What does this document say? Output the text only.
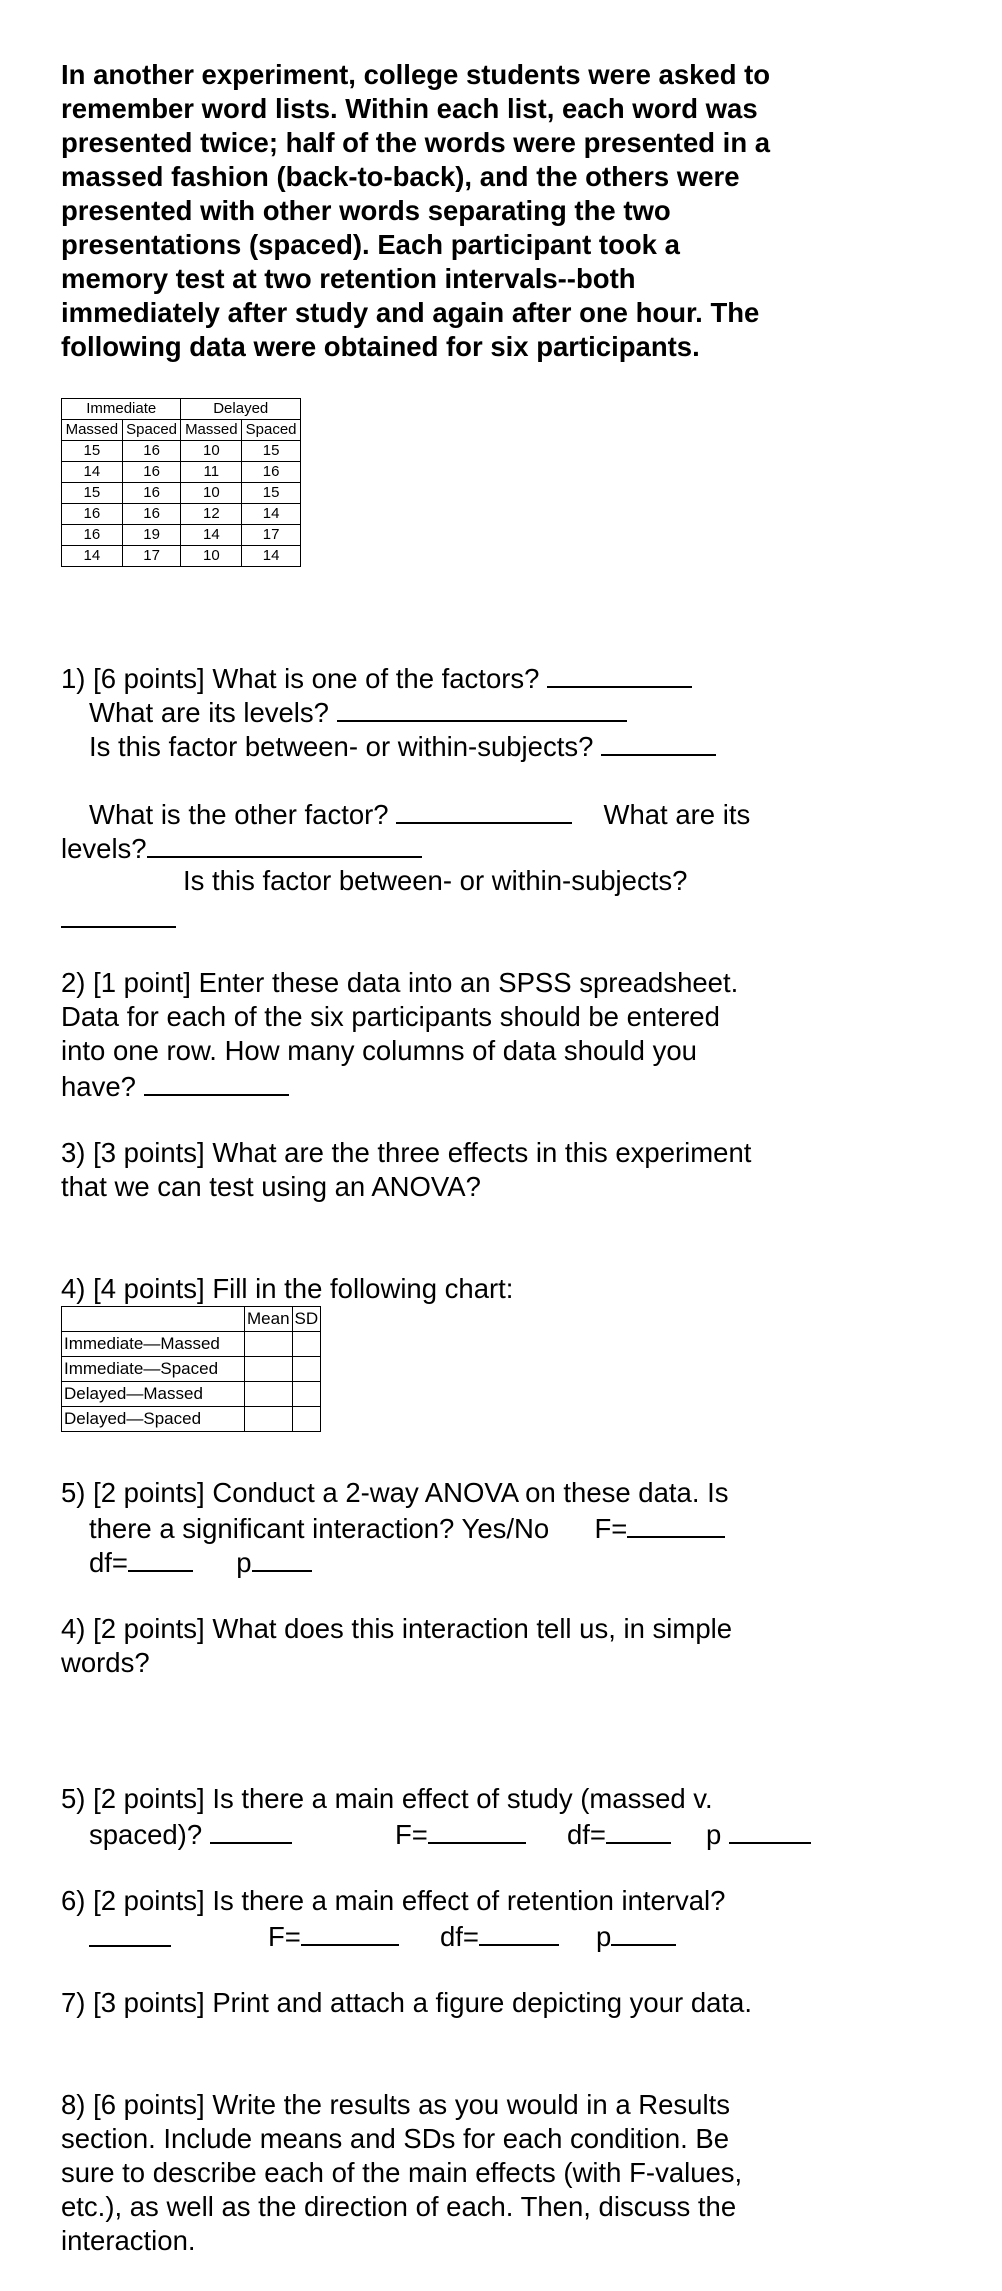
In another experiment, college students were asked to
remember word lists. Within each list, each word was
presented twice; half of the words were presented in a
massed fashion (back-to-back), and the others were
presented with other words separating the two
presentations (spaced). Each participant took a
memory test at two retention intervals--both
immediately after study and again after one hour. The
following data were obtained for six participants.
Immediate		Delayed	
Massed	Spaced	Massed	Spaced
15	16	10	15
14	16	11	16
15	16	10	15
16	16	12	14
16	19	14	17
14	17	10	14
1) [6 points] What is one of the factors?
What are its levels?
Is this factor between- or within-subjects?
What is the other factor?	What are its
levels?
Is this factor between- or within-subjects?
2) [1 point] Enter these data into an SPSS spreadsheet.
Data for each of the six participants should be entered
into one row. How many columns of data should you
have?
3) [3 points] What are the three effects in this experiment
that we can test using an ANOVA?
4) [4 points] Fill in the following chart:
	Mean	SD
Immediate—Massed		
Immediate—Spaced		
Delayed—Massed		
Delayed—Spaced		
5) [2 points] Conduct a 2-way ANOVA on these data. Is
there a significant interaction? Yes/No F=
df=	p
4) [2 points] What does this interaction tell us, in simple
words?
5) [2 points] Is there a main effect of study (massed v.
spaced)?	F=	df=	p
6) [2 points] Is there a main effect of retention interval?
F=	df=	p
7) [3 points] Print and attach a figure depicting your data.
8) [6 points] Write the results as you would in a Results
section. Include means and SDs for each condition. Be
sure to describe each of the main effects (with F-values,
etc.), as well as the direction of each. Then, discuss the
interaction.
